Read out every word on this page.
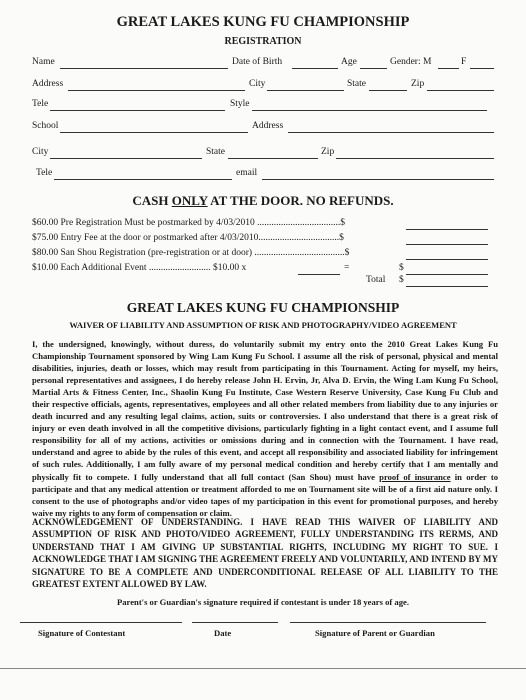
GREAT LAKES KUNG FU CHAMPIONSHIP
REGISTRATION
Name	Date of Birth	Age	Gender: M	F
Address	City	State	Zip
Tele	Style
School	Address
City	State	Zip
Tele	email
CASH ONLY AT THE DOOR. NO REFUNDS.
$60.00 Pre Registration Must be postmarked by 4/03/2010 ...................................$
$75.00 Entry Fee at the door or postmarked after 4/03/2010..................................$
$80.00 San Shou Registration (pre-registration or at door) ......................................$
$10.00 Each Additional Event .......................... $10.00 x	=	$
Total $
GREAT LAKES KUNG FU CHAMPIONSHIP
WAIVER OF LIABILITY AND ASSUMPTION OF RISK AND PHOTOGRAPHY/VIDEO AGREEMENT
I, the undersigned, knowingly, without duress, do voluntarily submit my entry onto the 2010 Great Lakes Kung Fu Championship Tournament sponsored by Wing Lam Kung Fu School. I assume all the risk of personal, physical and mental disabilities, injuries, death or losses, which may result from participating in this Tournament. Acting for myself, my heirs, personal representatives and assignees, I do hereby release John H. Ervin, Jr, Alva D. Ervin, the Wing Lam Kung Fu School, Martial Arts & Fitness Center, Inc., Shaolin Kung Fu Institute, Case Western Reserve University, Case Kung Fu Club and their respective officials, agents, representatives, employees and all other related members from liability due to any injuries or death incurred and any resulting legal claims, action, suits or controversies. I also understand that there is a great risk of injury or even death involved in all the competitive divisions, particularly fighting in a light contact event, and I assume full responsibility for all of my actions, activities or omissions during and in connection with the Tournament. I have read, understand and agree to abide by the rules of this event, and accept all responsibility and associated liability for infringement of such rules. Additionally, I am fully aware of my personal medical condition and hereby certify that I am mentally and physically fit to compete. I fully understand that all full contact (San Shou) must have proof of insurance in order to participate and that any medical attention or treatment afforded to me on Tournament site will be of a first aid nature only. I consent to the use of photographs and/or video tapes of my participation in this event for promotional purposes, and hereby waive my rights to any form of compensation or claim.
ACKNOWLEDGEMENT OF UNDERSTANDING. I HAVE READ THIS WAIVER OF LIABILITY AND ASSUMPTION OF RISK AND PHOTO/VIDEO AGREEMENT, FULLY UNDERSTANDING ITS RERMS, AND UNDERSTAND THAT I AM GIVING UP SUBSTANTIAL RIGHTS, INCLUDING MY RIGHT TO SUE. I ACKNOWLEDGE THAT I AM SIGNING THE AGREEMENT FREELY AND VOLUNTARILY, AND INTEND BY MY SIGNATURE TO BE A COMPLETE AND UNDERCONDITIONAL RELEASE OF ALL LIABILITY TO THE GREATEST EXTENT ALLOWED BY LAW.
Parent's or Guardian's signature required if contestant is under 18 years of age.
Signature of Contestant	Date	Signature of Parent or Guardian
